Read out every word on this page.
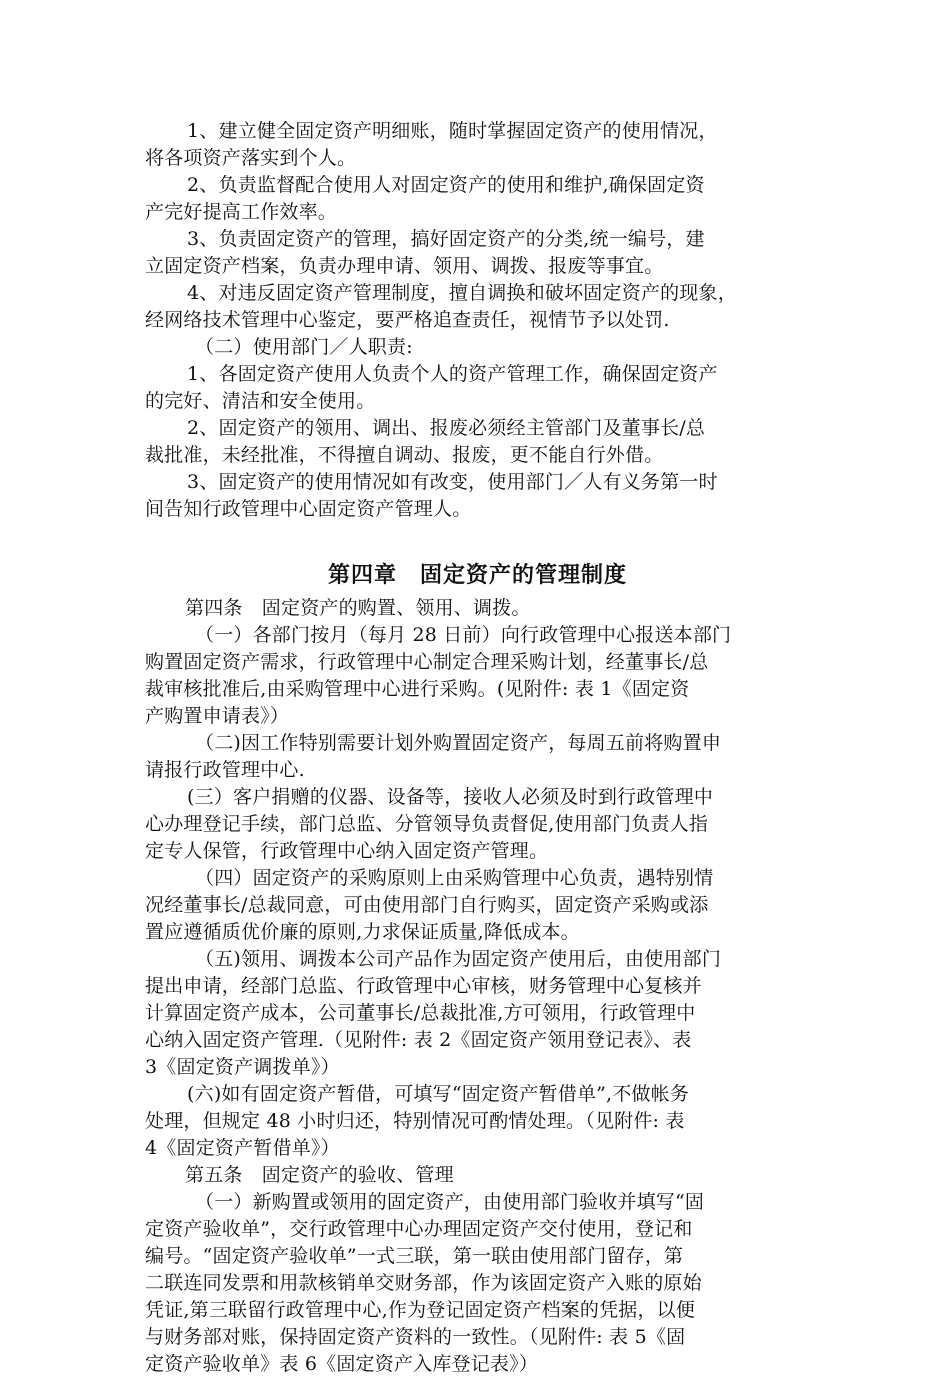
1、建立健全固定资产明细账，随时掌握固定资产的使用情况，
将各项资产落实到个人。
2、负责监督配合使用人对固定资产的使用和维护,确保固定资
产完好提高工作效率。
3、负责固定资产的管理，搞好固定资产的分类,统一编号，建
立固定资产档案，负责办理申请、领用、调拨、报废等事宜。
4、对违反固定资产管理制度，擅自调换和破坏固定资产的现象，
经网络技术管理中心鉴定，要严格追查责任，视情节予以处罚.
（二）使用部门／人职责:
1、各固定资产使用人负责个人的资产管理工作，确保固定资产
的完好、清洁和安全使用。
2、固定资产的领用、调出、报废必须经主管部门及董事长/总
裁批准，未经批准，不得擅自调动、报废，更不能自行外借。
3、固定资产的使用情况如有改变，使用部门／人有义务第一时
间告知行政管理中心固定资产管理人。
第四章　固定资产的管理制度
第四条　固定资产的购置、领用、调拨。
（一）各部门按月（每月 28 日前）向行政管理中心报送本部门
购置固定资产需求，行政管理中心制定合理采购计划，经董事长/总
裁审核批准后,由采购管理中心进行采购。(见附件: 表 1《固定资
产购置申请表》）
（二)因工作特别需要计划外购置固定资产，每周五前将购置申
请报行政管理中心.
(三）客户捐赠的仪器、设备等，接收人必须及时到行政管理中
心办理登记手续，部门总监、分管领导负责督促,使用部门负责人指
定专人保管，行政管理中心纳入固定资产管理。
（四）固定资产的采购原则上由采购管理中心负责，遇特别情
况经董事长/总裁同意，可由使用部门自行购买，固定资产采购或添
置应遵循质优价廉的原则,力求保证质量,降低成本。
（五)领用、调拨本公司产品作为固定资产使用后，由使用部门
提出申请，经部门总监、行政管理中心审核，财务管理中心复核并
计算固定资产成本，公司董事长/总裁批准,方可领用，行政管理中
心纳入固定资产管理.（见附件: 表 2《固定资产领用登记表》、表
3《固定资产调拨单》）
(六)如有固定资产暂借，可填写“固定资产暂借单”,不做帐务
处理，但规定 48 小时归还，特别情况可酌情处理。（见附件: 表
4《固定资产暂借单》）
第五条　固定资产的验收、管理
（一）新购置或领用的固定资产，由使用部门验收并填写“固
定资产验收单”，交行政管理中心办理固定资产交付使用，登记和
编号。“固定资产验收单”一式三联，第一联由使用部门留存，第
二联连同发票和用款核销单交财务部，作为该固定资产入账的原始
凭证,第三联留行政管理中心,作为登记固定资产档案的凭据，以便
与财务部对账，保持固定资产资料的一致性。（见附件: 表 5《固
定资产验收单》表 6《固定资产入库登记表》）
